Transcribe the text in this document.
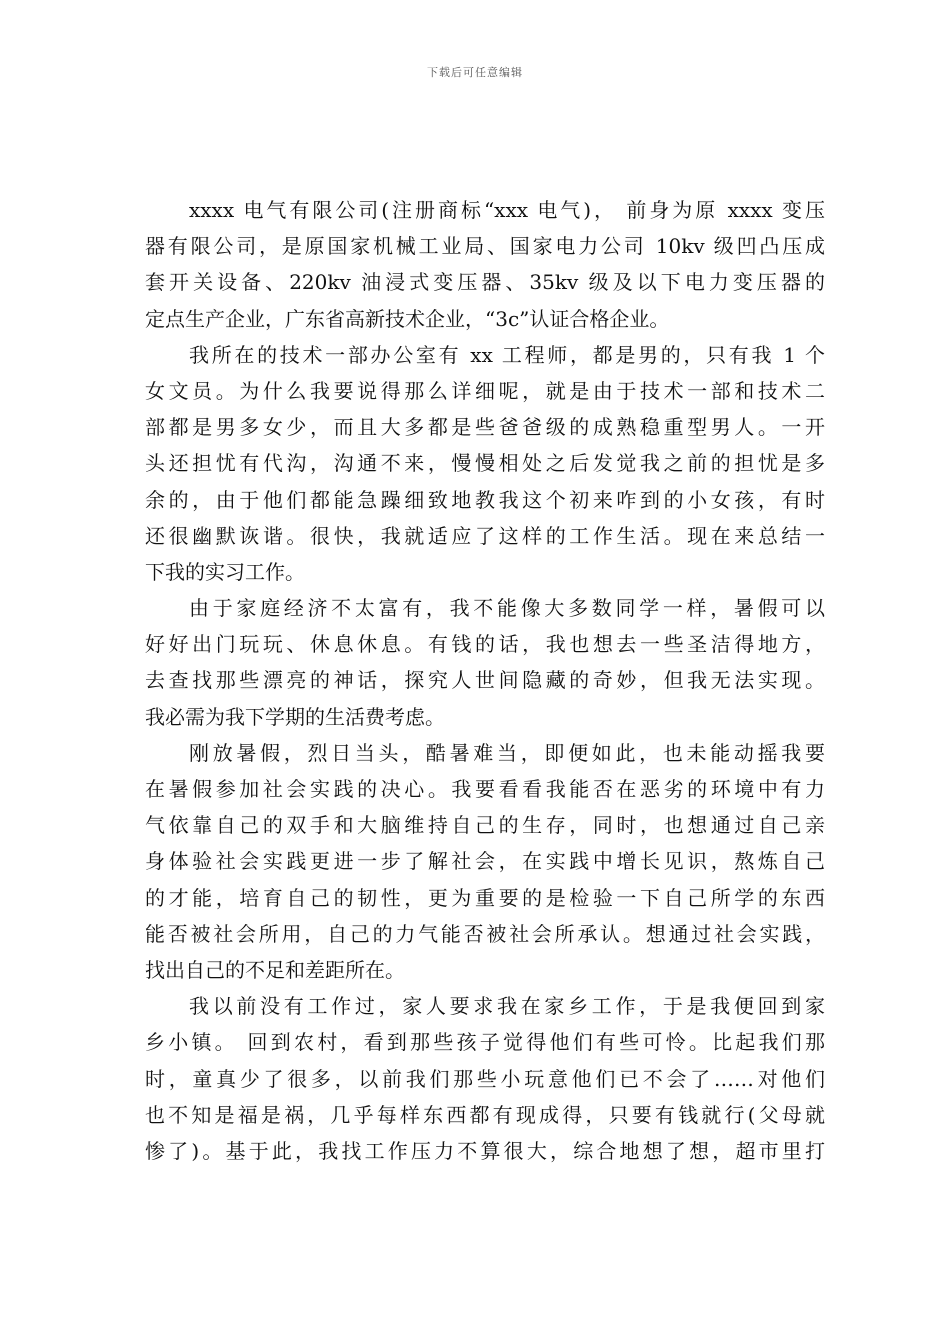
下载后可任意编辑
xxxx 电气有限公司(注册商标“xxx 电气)， 前身为原 xxxx 变压
器有限公司，是原国家机械工业局、国家电力公司 10kv 级凹凸压成
套开关设备、220kv 油浸式变压器、35kv 级及以下电力变压器的
定点生产企业，广东省高新技术企业，“3c”认证合格企业。
我所在的技术一部办公室有 xx 工程师，都是男的，只有我 1 个
女文员。为什么我要说得那么详细呢，就是由于技术一部和技术二
部都是男多女少，而且大多都是些爸爸级的成熟稳重型男人。一开
头还担忧有代沟，沟通不来，慢慢相处之后发觉我之前的担忧是多
余的，由于他们都能急躁细致地教我这个初来咋到的小女孩，有时
还很幽默诙谐。很快，我就适应了这样的工作生活。现在来总结一
下我的实习工作。
由于家庭经济不太富有，我不能像大多数同学一样，暑假可以
好好出门玩玩、休息休息。有钱的话，我也想去一些圣洁得地方，
去查找那些漂亮的神话，探究人世间隐藏的奇妙，但我无法实现。
我必需为我下学期的生活费考虑。
刚放暑假，烈日当头，酷暑难当，即便如此，也未能动摇我要
在暑假参加社会实践的决心。我要看看我能否在恶劣的环境中有力
气依靠自己的双手和大脑维持自己的生存，同时，也想通过自己亲
身体验社会实践更进一步了解社会，在实践中增长见识，熬炼自己
的才能，培育自己的韧性，更为重要的是检验一下自己所学的东西
能否被社会所用，自己的力气能否被社会所承认。想通过社会实践，
找出自己的不足和差距所在。
我以前没有工作过，家人要求我在家乡工作，于是我便回到家
乡小镇。 回到农村，看到那些孩子觉得他们有些可怜。比起我们那
时，童真少了很多，以前我们那些小玩意他们已不会了……对他们
也不知是福是祸，几乎每样东西都有现成得，只要有钱就行(父母就
惨了)。基于此，我找工作压力不算很大，综合地想了想，超市里打
